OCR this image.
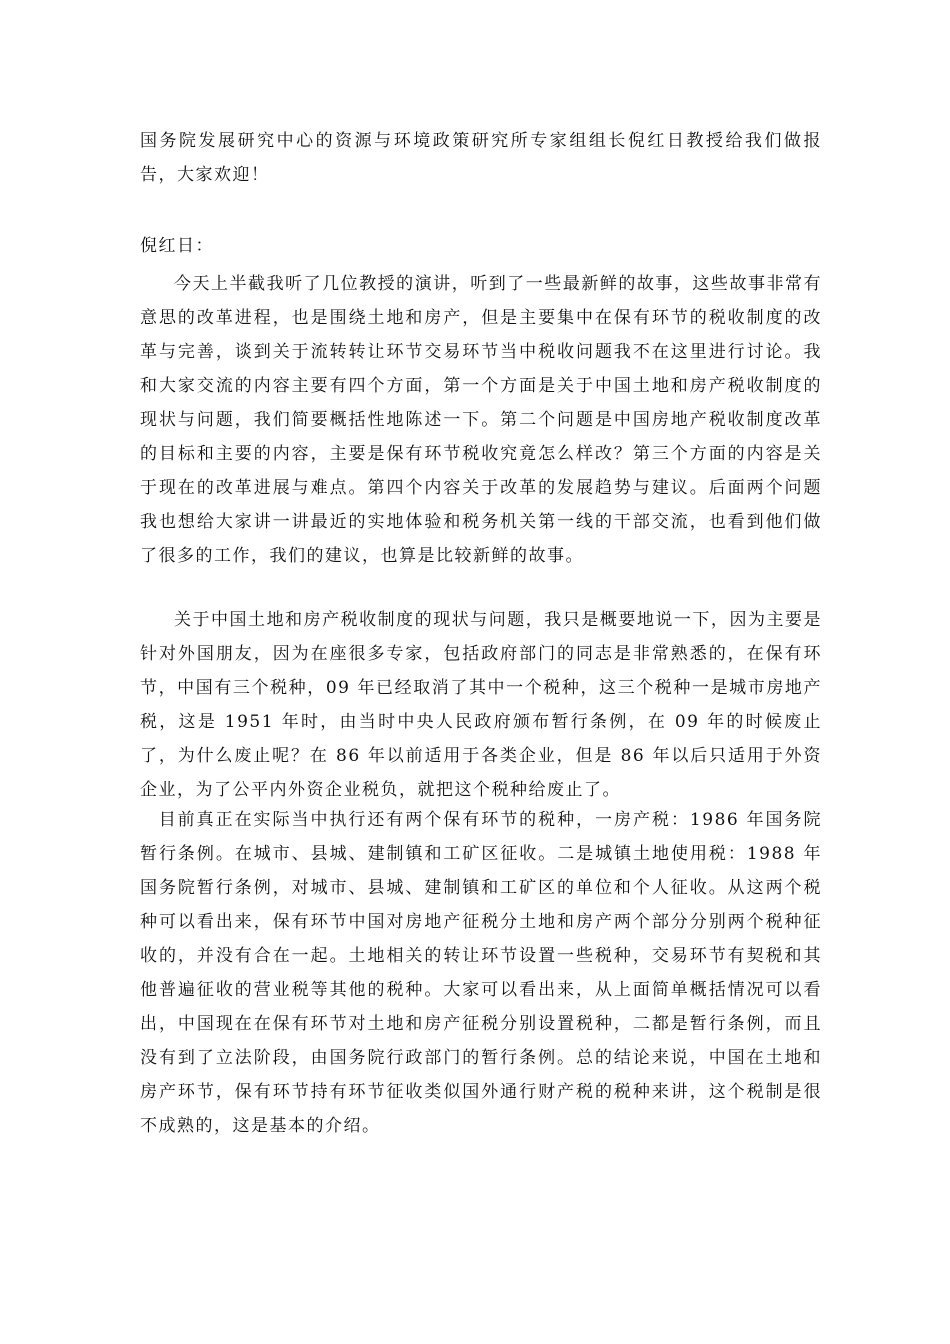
国务院发展研究中心的资源与环境政策研究所专家组组长倪红日教授给我们做报告，大家欢迎！

倪红日：

今天上半截我听了几位教授的演讲，听到了一些最新鲜的故事，这些故事非常有意思的改革进程，也是围绕土地和房产，但是主要集中在保有环节的税收制度的改革与完善，谈到关于流转转让环节交易环节当中税收问题我不在这里进行讨论。我和大家交流的内容主要有四个方面，第一个方面是关于中国土地和房产税收制度的现状与问题，我们简要概括性地陈述一下。第二个问题是中国房地产税收制度改革的目标和主要的内容，主要是保有环节税收究竟怎么样改？第三个方面的内容是关于现在的改革进展与难点。第四个内容关于改革的发展趋势与建议。后面两个问题我也想给大家讲一讲最近的实地体验和税务机关第一线的干部交流，也看到他们做了很多的工作，我们的建议，也算是比较新鲜的故事。

关于中国土地和房产税收制度的现状与问题，我只是概要地说一下，因为主要是针对外国朋友，因为在座很多专家，包括政府部门的同志是非常熟悉的，在保有环节，中国有三个税种，09 年已经取消了其中一个税种，这三个税种一是城市房地产税，这是 1951 年时，由当时中央人民政府颁布暂行条例，在 09 年的时候废止了，为什么废止呢？在 86 年以前适用于各类企业，但是 86 年以后只适用于外资企业，为了公平内外资企业税负，就把这个税种给废止了。

目前真正在实际当中执行还有两个保有环节的税种，一房产税：1986 年国务院暂行条例。在城市、县城、建制镇和工矿区征收。二是城镇土地使用税：1988 年国务院暂行条例，对城市、县城、建制镇和工矿区的单位和个人征收。从这两个税种可以看出来，保有环节中国对房地产征税分土地和房产两个部分分别两个税种征收的，并没有合在一起。土地相关的转让环节设置一些税种，交易环节有契税和其他普遍征收的营业税等其他的税种。大家可以看出来，从上面简单概括情况可以看出，中国现在在保有环节对土地和房产征税分别设置税种，二都是暂行条例，而且没有到了立法阶段，由国务院行政部门的暂行条例。总的结论来说，中国在土地和房产环节，保有环节持有环节征收类似国外通行财产税的税种来讲，这个税制是很不成熟的，这是基本的介绍。
